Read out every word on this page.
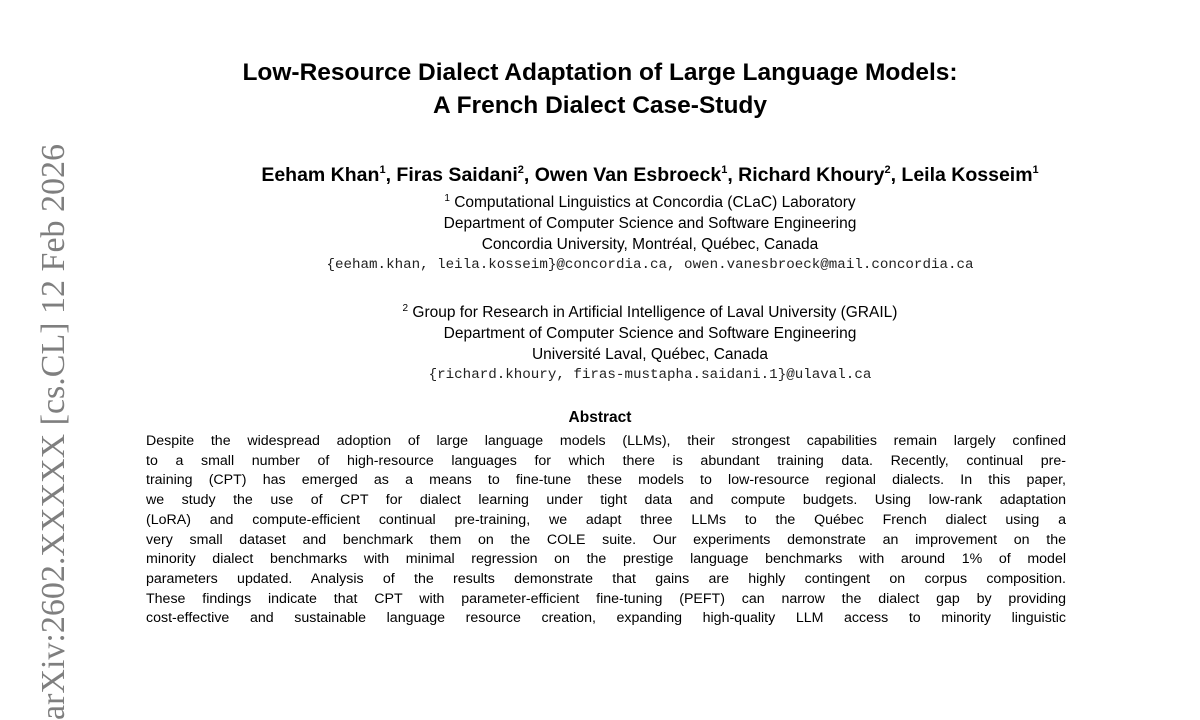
Low-Resource Dialect Adaptation of Large Language Models:
A French Dialect Case-Study
Eeham Khan$^1$, Firas Saidani$^2$, Owen Van Esbroeck$^1$, Richard Khoury$^2$, Leila Kosseim$^1$
$^1$ Computational Linguistics at Concordia (CLaC) Laboratory
Department of Computer Science and Software Engineering
Concordia University, Montréal, Québec, Canada
{eeham.khan, leila.kosseim}@concordia.ca, owen.vanesbroeck@mail.concordia.ca
$^2$ Group for Research in Artificial Intelligence of Laval University (GRAIL)
Department of Computer Science and Software Engineering
Université Laval, Québec, Canada
{richard.khoury, firas-mustapha.saidani.1}@ulaval.ca
Abstract
Despite the widespread adoption of large language models (LLMs), their strongest capabilities remain largely confined
to a small number of high-resource languages for which there is abundant training data. Recently, continual pre-
training (CPT) has emerged as a means to fine-tune these models to low-resource regional dialects. In this paper,
we study the use of CPT for dialect learning under tight data and compute budgets. Using low-rank adaptation
(LoRA) and compute-efficient continual pre-training, we adapt three LLMs to the Québec French dialect using a
very small dataset and benchmark them on the COLE suite. Our experiments demonstrate an improvement on the
minority dialect benchmarks with minimal regression on the prestige language benchmarks with around 1% of model
parameters updated. Analysis of the results demonstrate that gains are highly contingent on corpus composition.
These findings indicate that CPT with parameter-efficient fine-tuning (PEFT) can narrow the dialect gap by providing
cost-effective and sustainable language resource creation, expanding high-quality LLM access to minority linguistic
arXiv:2602.XXXXX [cs.CL] 12 Feb 2026
